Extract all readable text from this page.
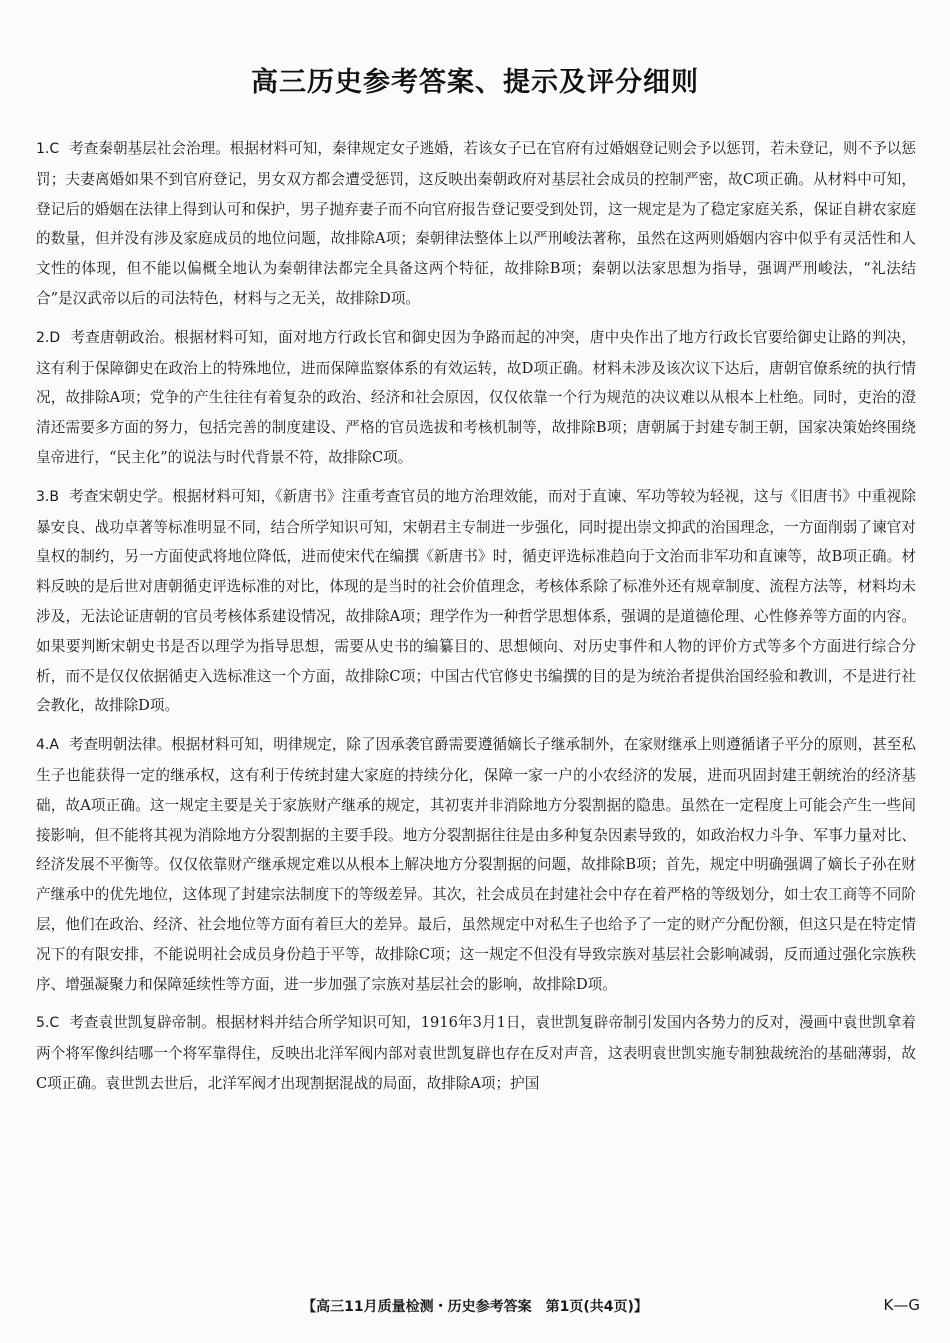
高三历史参考答案、提示及评分细则

1.C 考查秦朝基层社会治理。根据材料可知，秦律规定女子逃婚，若该女子已在官府有过婚姻登记则会予以惩罚，若未登记，则不予以惩罚；夫妻离婚如果不到官府登记，男女双方都会遭受惩罚，这反映出秦朝政府对基层社会成员的控制严密，故C项正确。从材料中可知，登记后的婚姻在法律上得到认可和保护，男子抛弃妻子而不向官府报告登记要受到处罚，这一规定是为了稳定家庭关系，保证自耕农家庭的数量，但并没有涉及家庭成员的地位问题，故排除A项；秦朝律法整体上以严刑峻法著称，虽然在这两则婚姻内容中似乎有灵活性和人文性的体现，但不能以偏概全地认为秦朝律法都完全具备这两个特征，故排除B项；秦朝以法家思想为指导，强调严刑峻法，“礼法结合”是汉武帝以后的司法特色，材料与之无关，故排除D项。

2.D 考查唐朝政治。根据材料可知，面对地方行政长官和御史因为争路而起的冲突，唐中央作出了地方行政长官要给御史让路的判决，这有利于保障御史在政治上的特殊地位，进而保障监察体系的有效运转，故D项正确。材料未涉及该次议下达后，唐朝官僚系统的执行情况，故排除A项；党争的产生往往有着复杂的政治、经济和社会原因，仅仅依靠一个行为规范的决议难以从根本上杜绝。同时，吏治的澄清还需要多方面的努力，包括完善的制度建设、严格的官员选拔和考核机制等，故排除B项；唐朝属于封建专制王朝，国家决策始终围绕皇帝进行，“民主化”的说法与时代背景不符，故排除C项。

3.B 考查宋朝史学。根据材料可知，《新唐书》注重考查官员的地方治理效能，而对于直谏、军功等较为轻视，这与《旧唐书》中重视除暴安良、战功卓著等标准明显不同，结合所学知识可知，宋朝君主专制进一步强化，同时提出崇文抑武的治国理念，一方面削弱了谏官对皇权的制约，另一方面使武将地位降低，进而使宋代在编撰《新唐书》时，循吏评选标准趋向于文治而非军功和直谏等，故B项正确。材料反映的是后世对唐朝循吏评选标准的对比，体现的是当时的社会价值理念，考核体系除了标准外还有规章制度、流程方法等，材料均未涉及，无法论证唐朝的官员考核体系建设情况，故排除A项；理学作为一种哲学思想体系，强调的是道德伦理、心性修养等方面的内容。如果要判断宋朝史书是否以理学为指导思想，需要从史书的编纂目的、思想倾向、对历史事件和人物的评价方式等多个方面进行综合分析，而不是仅仅依据循吏入选标准这一个方面，故排除C项；中国古代官修史书编撰的目的是为统治者提供治国经验和教训，不是进行社会教化，故排除D项。

4.A 考查明朝法律。根据材料可知，明律规定，除了因承袭官爵需要遵循嫡长子继承制外，在家财继承上则遵循诸子平分的原则，甚至私生子也能获得一定的继承权，这有利于传统封建大家庭的持续分化，保障一家一户的小农经济的发展，进而巩固封建王朝统治的经济基础，故A项正确。这一规定主要是关于家族财产继承的规定，其初衷并非消除地方分裂割据的隐患。虽然在一定程度上可能会产生一些间接影响，但不能将其视为消除地方分裂割据的主要手段。地方分裂割据往往是由多种复杂因素导致的，如政治权力斗争、军事力量对比、经济发展不平衡等。仅仅依靠财产继承规定难以从根本上解决地方分裂割据的问题，故排除B项；首先，规定中明确强调了嫡长子孙在财产继承中的优先地位，这体现了封建宗法制度下的等级差异。其次，社会成员在封建社会中存在着严格的等级划分，如士农工商等不同阶层，他们在政治、经济、社会地位等方面有着巨大的差异。最后，虽然规定中对私生子也给予了一定的财产分配份额，但这只是在特定情况下的有限安排，不能说明社会成员身份趋于平等，故排除C项；这一规定不但没有导致宗族对基层社会影响减弱，反而通过强化宗族秩序、增强凝聚力和保障延续性等方面，进一步加强了宗族对基层社会的影响，故排除D项。

5.C 考查袁世凯复辟帝制。根据材料并结合所学知识可知，1916年3月1日，袁世凯复辟帝制引发国内各势力的反对，漫画中袁世凯拿着两个将军像纠结哪一个将军靠得住，反映出北洋军阀内部对袁世凯复辟也存在反对声音，这表明袁世凯实施专制独裁统治的基础薄弱，故C项正确。袁世凯去世后，北洋军阀才出现割据混战的局面，故排除A项；护国

【高三11月质量检测・历史参考答案　第1页(共4页)】	K—G
